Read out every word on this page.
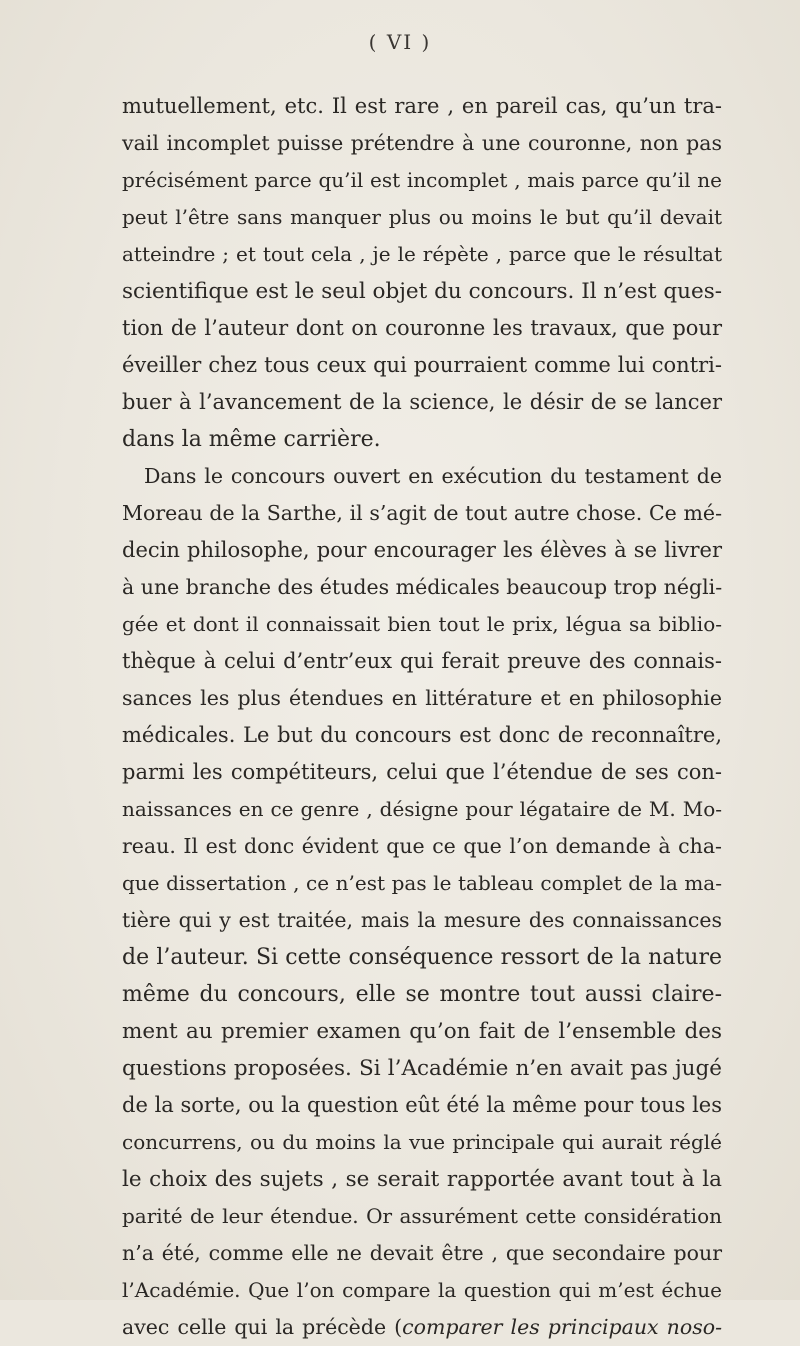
( VI )
mutuellement, etc. Il est rare , en pareil cas, qu’un tra-
vail incomplet puisse prétendre à une couronne, non pas
précisément parce qu’il est incomplet , mais parce qu’il ne
peut l’être sans manquer plus ou moins le but qu’il devait
atteindre ; et tout cela , je le répète , parce que le résultat
scientifique est le seul objet du concours. Il n’est ques-
tion de l’auteur dont on couronne les travaux, que pour
éveiller chez tous ceux qui pourraient comme lui contri-
buer à l’avancement de la science, le désir de se lancer
dans la même carrière.
Dans le concours ouvert en exécution du testament de
Moreau de la Sarthe, il s’agit de tout autre chose. Ce mé-
decin philosophe, pour encourager les élèves à se livrer
à une branche des études médicales beaucoup trop négli-
gée et dont il connaissait bien tout le prix, légua sa biblio-
thèque à celui d’entr’eux qui ferait preuve des connais-
sances les plus étendues en littérature et en philosophie
médicales. Le but du concours est donc de reconnaître,
parmi les compétiteurs, celui que l’étendue de ses con-
naissances en ce genre , désigne pour légataire de M. Mo-
reau. Il est donc évident que ce que l’on demande à cha-
que dissertation , ce n’est pas le tableau complet de la ma-
tière qui y est traitée, mais la mesure des connaissances
de l’auteur. Si cette conséquence ressort de la nature
même du concours, elle se montre tout aussi claire-
ment au premier examen qu’on fait de l’ensemble des
questions proposées. Si l’Académie n’en avait pas jugé
de la sorte, ou la question eût été la même pour tous les
concurrens, ou du moins la vue principale qui aurait réglé
le choix des sujets , se serait rapportée avant tout à la
parité de leur étendue. Or assurément cette considération
n’a été, comme elle ne devait être , que secondaire pour
l’Académie. Que l’on compare la question qui m’est échue
avec celle qui la précède (comparer les principaux noso-
